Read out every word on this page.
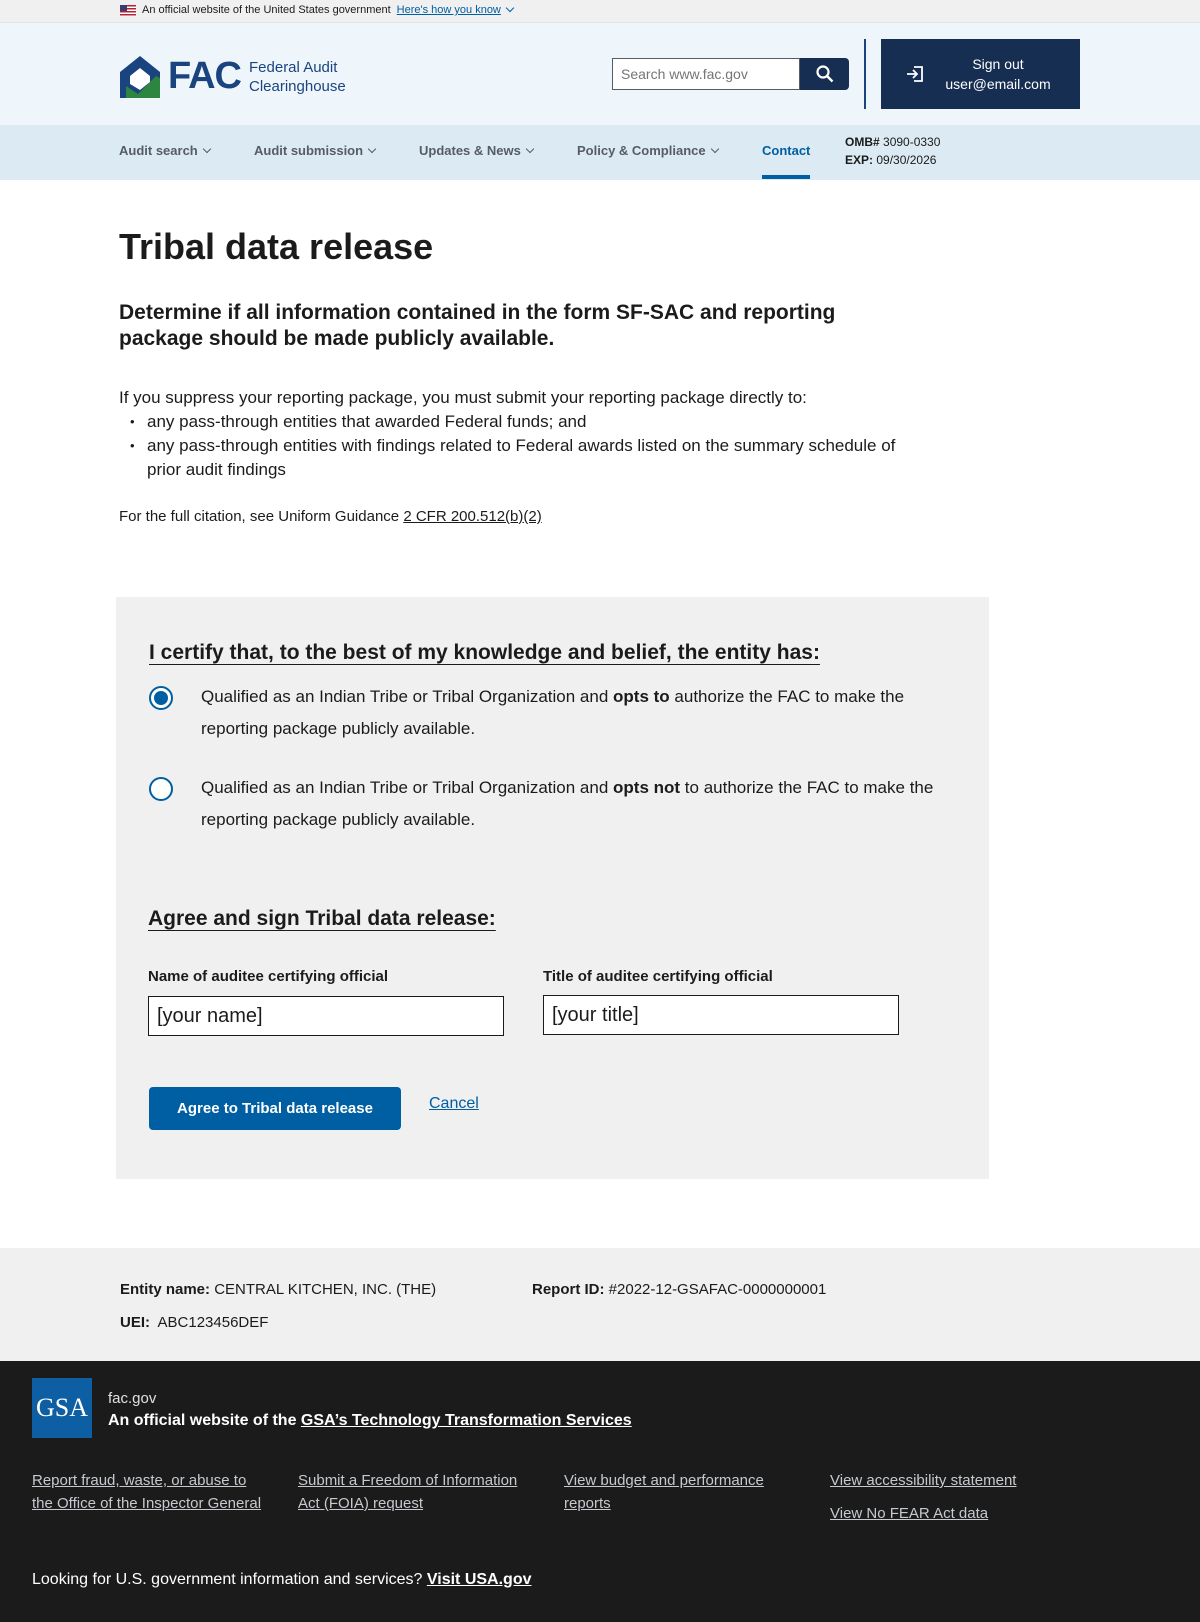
An official website of the United States government Here's how you know
FAC Federal Audit
Clearinghouse
Search www.fac.gov
Sign out
user@email.com
Audit search	Audit submission	Updates & News	Policy & Compliance	Contact
OMB# 3090-0330
EXP: 09/30/2026
Tribal data release

Determine if all information contained in the form SF-SAC and reporting package should be made publicly available.

If you suppress your reporting package, you must submit your reporting package directly to:

• any pass-through entities that awarded Federal funds; and
• any pass-through entities with findings related to Federal awards listed on the summary schedule of prior audit findings

For the full citation, see Uniform Guidance 2 CFR 200.512(b)(2)

I certify that, to the best of my knowledge and belief, the entity has:
Qualified as an Indian Tribe or Tribal Organization and opts to authorize the FAC to make the reporting package publicly available.
Qualified as an Indian Tribe or Tribal Organization and opts not to authorize the FAC to make the reporting package publicly available.
Agree and sign Tribal data release:
Name of auditee certifying official
[your name]	Title of auditee certifying official
[your title]
Agree to Tribal data release	Cancel
Entity name: CENTRAL KITCHEN, INC. (THE)	Report ID: #2022-12-GSAFAC-0000000001
UEI: ABC123456DEF
GSA fac.gov
An official website of the GSA’s Technology Transformation Services
Report fraud, waste, or abuse to the Office of the Inspector General
Submit a Freedom of Information Act (FOIA) request
View budget and performance reports
View accessibility statement
View No FEAR Act data
Looking for U.S. government information and services? Visit USA.gov
